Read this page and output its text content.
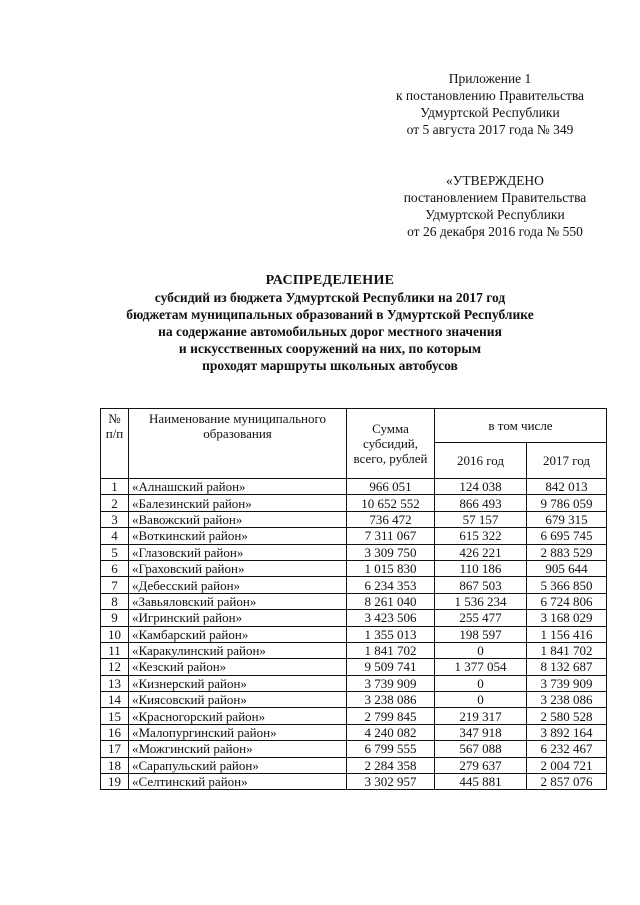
Приложение 1
к постановлению Правительства
Удмуртской Республики
от 5 августа 2017 года № 349
«УТВЕРЖДЕНО
постановлением Правительства
Удмуртской Республики
от 26 декабря 2016 года № 550
РАСПРЕДЕЛЕНИЕ
субсидий из бюджета Удмуртской Республики на 2017 год
бюджетам муниципальных образований в Удмуртской Республике
на содержание автомобильных дорог местного значения
и искусственных сооружений на них, по которым
проходят маршруты школьных автобусов
№ п/п	Наименование муниципального образования	Сумма субсидий, всего, рублей	в том числе	
			2016 год	2017 год
1	«Алнашский район»	966 051	124 038	842 013
2	«Балезинский район»	10 652 552	866 493	9 786 059
3	«Вавожский район»	736 472	57 157	679 315
4	«Воткинский район»	7 311 067	615 322	6 695 745
5	«Глазовский район»	3 309 750	426 221	2 883 529
6	«Граховский район»	1 015 830	110 186	905 644
7	«Дебесский район»	6 234 353	867 503	5 366 850
8	«Завьяловский район»	8 261 040	1 536 234	6 724 806
9	«Игринский район»	3 423 506	255 477	3 168 029
10	«Камбарский район»	1 355 013	198 597	1 156 416
11	«Каракулинский район»	1 841 702	0	1 841 702
12	«Кезский район»	9 509 741	1 377 054	8 132 687
13	«Кизнерский район»	3 739 909	0	3 739 909
14	«Киясовский район»	3 238 086	0	3 238 086
15	«Красногорский район»	2 799 845	219 317	2 580 528
16	«Малопургинский район»	4 240 082	347 918	3 892 164
17	«Можгинский район»	6 799 555	567 088	6 232 467
18	«Сарапульский район»	2 284 358	279 637	2 004 721
19	«Селтинский район»	3 302 957	445 881	2 857 076
